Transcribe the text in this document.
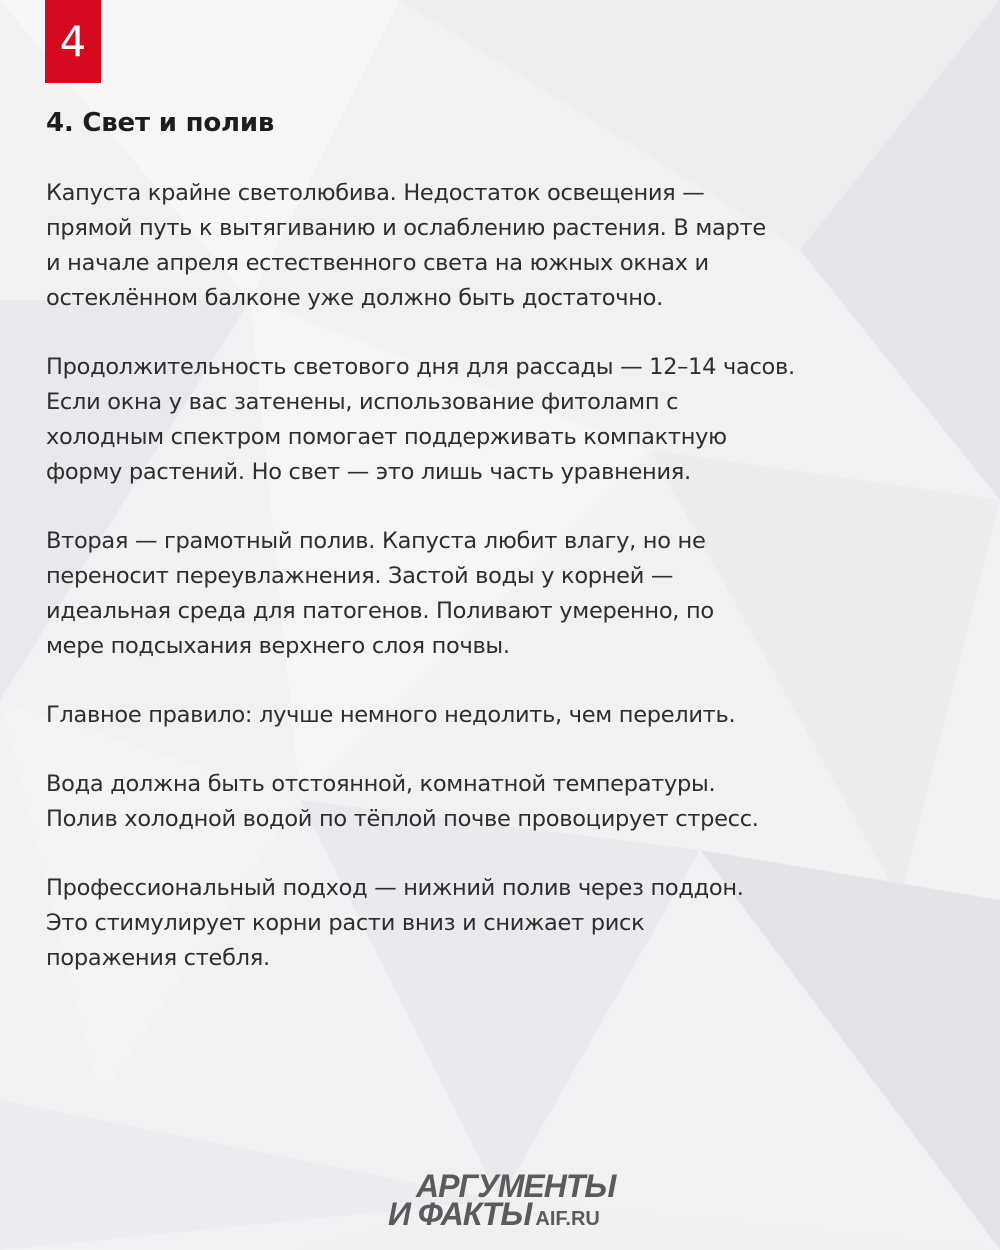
4
4. Свет и полив

Капуста крайне светолюбива. Недостаток освещения —
прямой путь к вытягиванию и ослаблению растения. В марте
и начале апреля естественного света на южных окнах и
остеклённом балконе уже должно быть достаточно.

Продолжительность светового дня для рассады — 12–14 часов.
Если окна у вас затенены, использование фитоламп с
холодным спектром помогает поддерживать компактную
форму растений. Но свет — это лишь часть уравнения.

Вторая — грамотный полив. Капуста любит влагу, но не
переносит переувлажнения. Застой воды у корней —
идеальная среда для патогенов. Поливают умеренно, по
мере подсыхания верхнего слоя почвы.

Главное правило: лучше немного недолить, чем перелить.

Вода должна быть отстоянной, комнатной температуры.
Полив холодной водой по тёплой почве провоцирует стресс.

Профессиональный подход — нижний полив через поддон.
Это стимулирует корни расти вниз и снижает риск
поражения стебля.

АРГУМЕНТЫ
И ФАКТЫ AIF.RU
